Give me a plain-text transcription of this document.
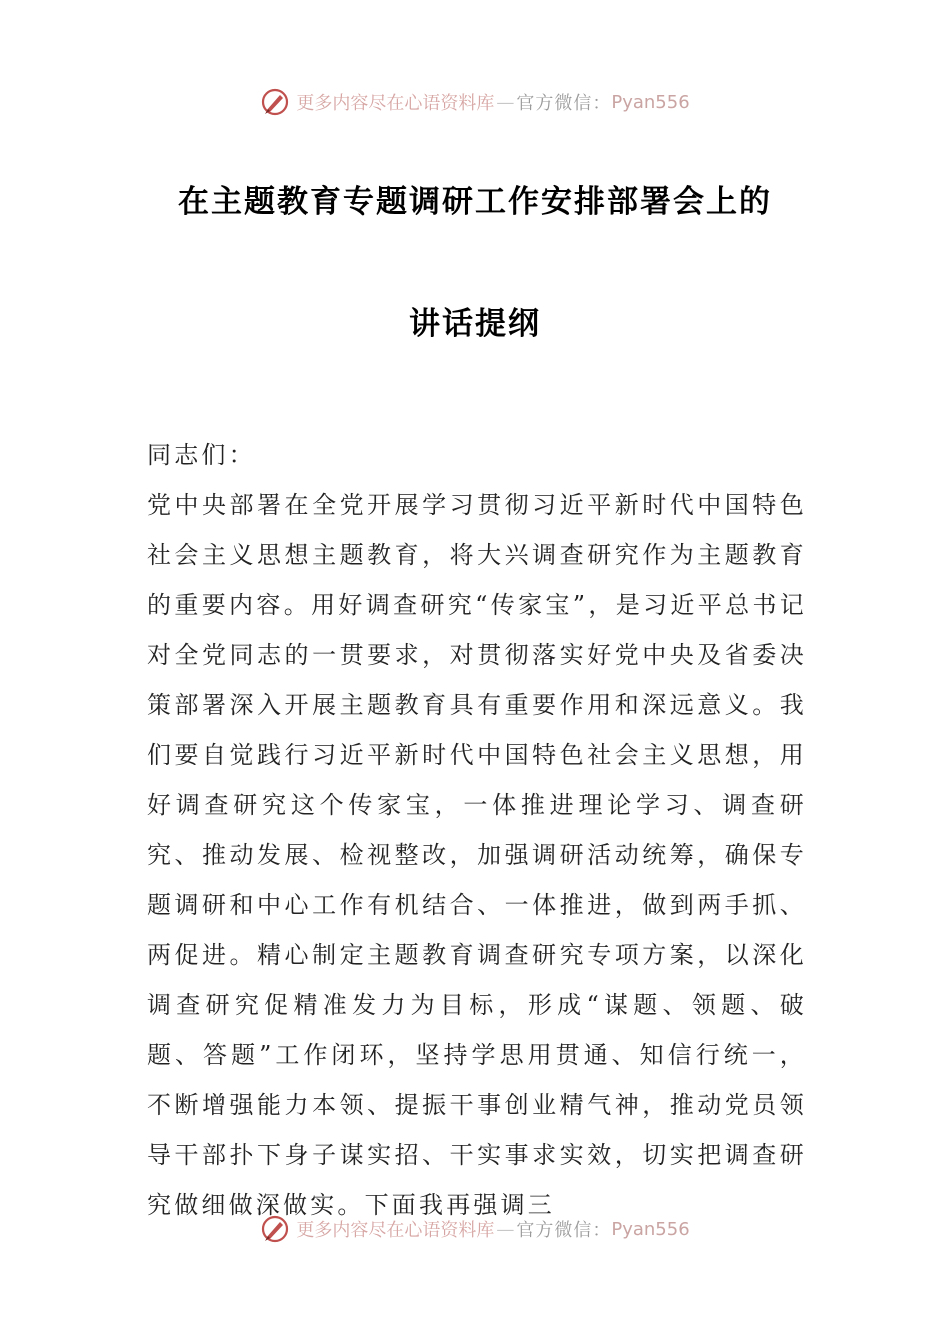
更多内容尽在心语资料库 — 官方微信： Pyan556
在主题教育专题调研工作安排部署会上的
讲话提纲

同志们：

党中央部署在全党开展学习贯彻习近平新时代中国特色社会主义思想主题教育，将大兴调查研究作为主题教育的重要内容。用好调查研究“传家宝”，是习近平总书记对全党同志的一贯要求，对贯彻落实好党中央及省委决策部署深入开展主题教育具有重要作用和深远意义。我们要自觉践行习近平新时代中国特色社会主义思想，用好调查研究这个传家宝，一体推进理论学习、调查研究、推动发展、检视整改，加强调研活动统筹，确保专题调研和中心工作有机结合、一体推进，做到两手抓、两促进。精心制定主题教育调查研究专项方案，以深化调查研究促精准发力为目标，形成“谋题、领题、破题、答题”工作闭环，坚持学思用贯通、知信行统一，不断增强能力本领、提振干事创业精气神，推动党员领导干部扑下身子谋实招、干实事求实效，切实把调查研究做细做深做实。下面我再强调三

更多内容尽在心语资料库 — 官方微信： Pyan556
